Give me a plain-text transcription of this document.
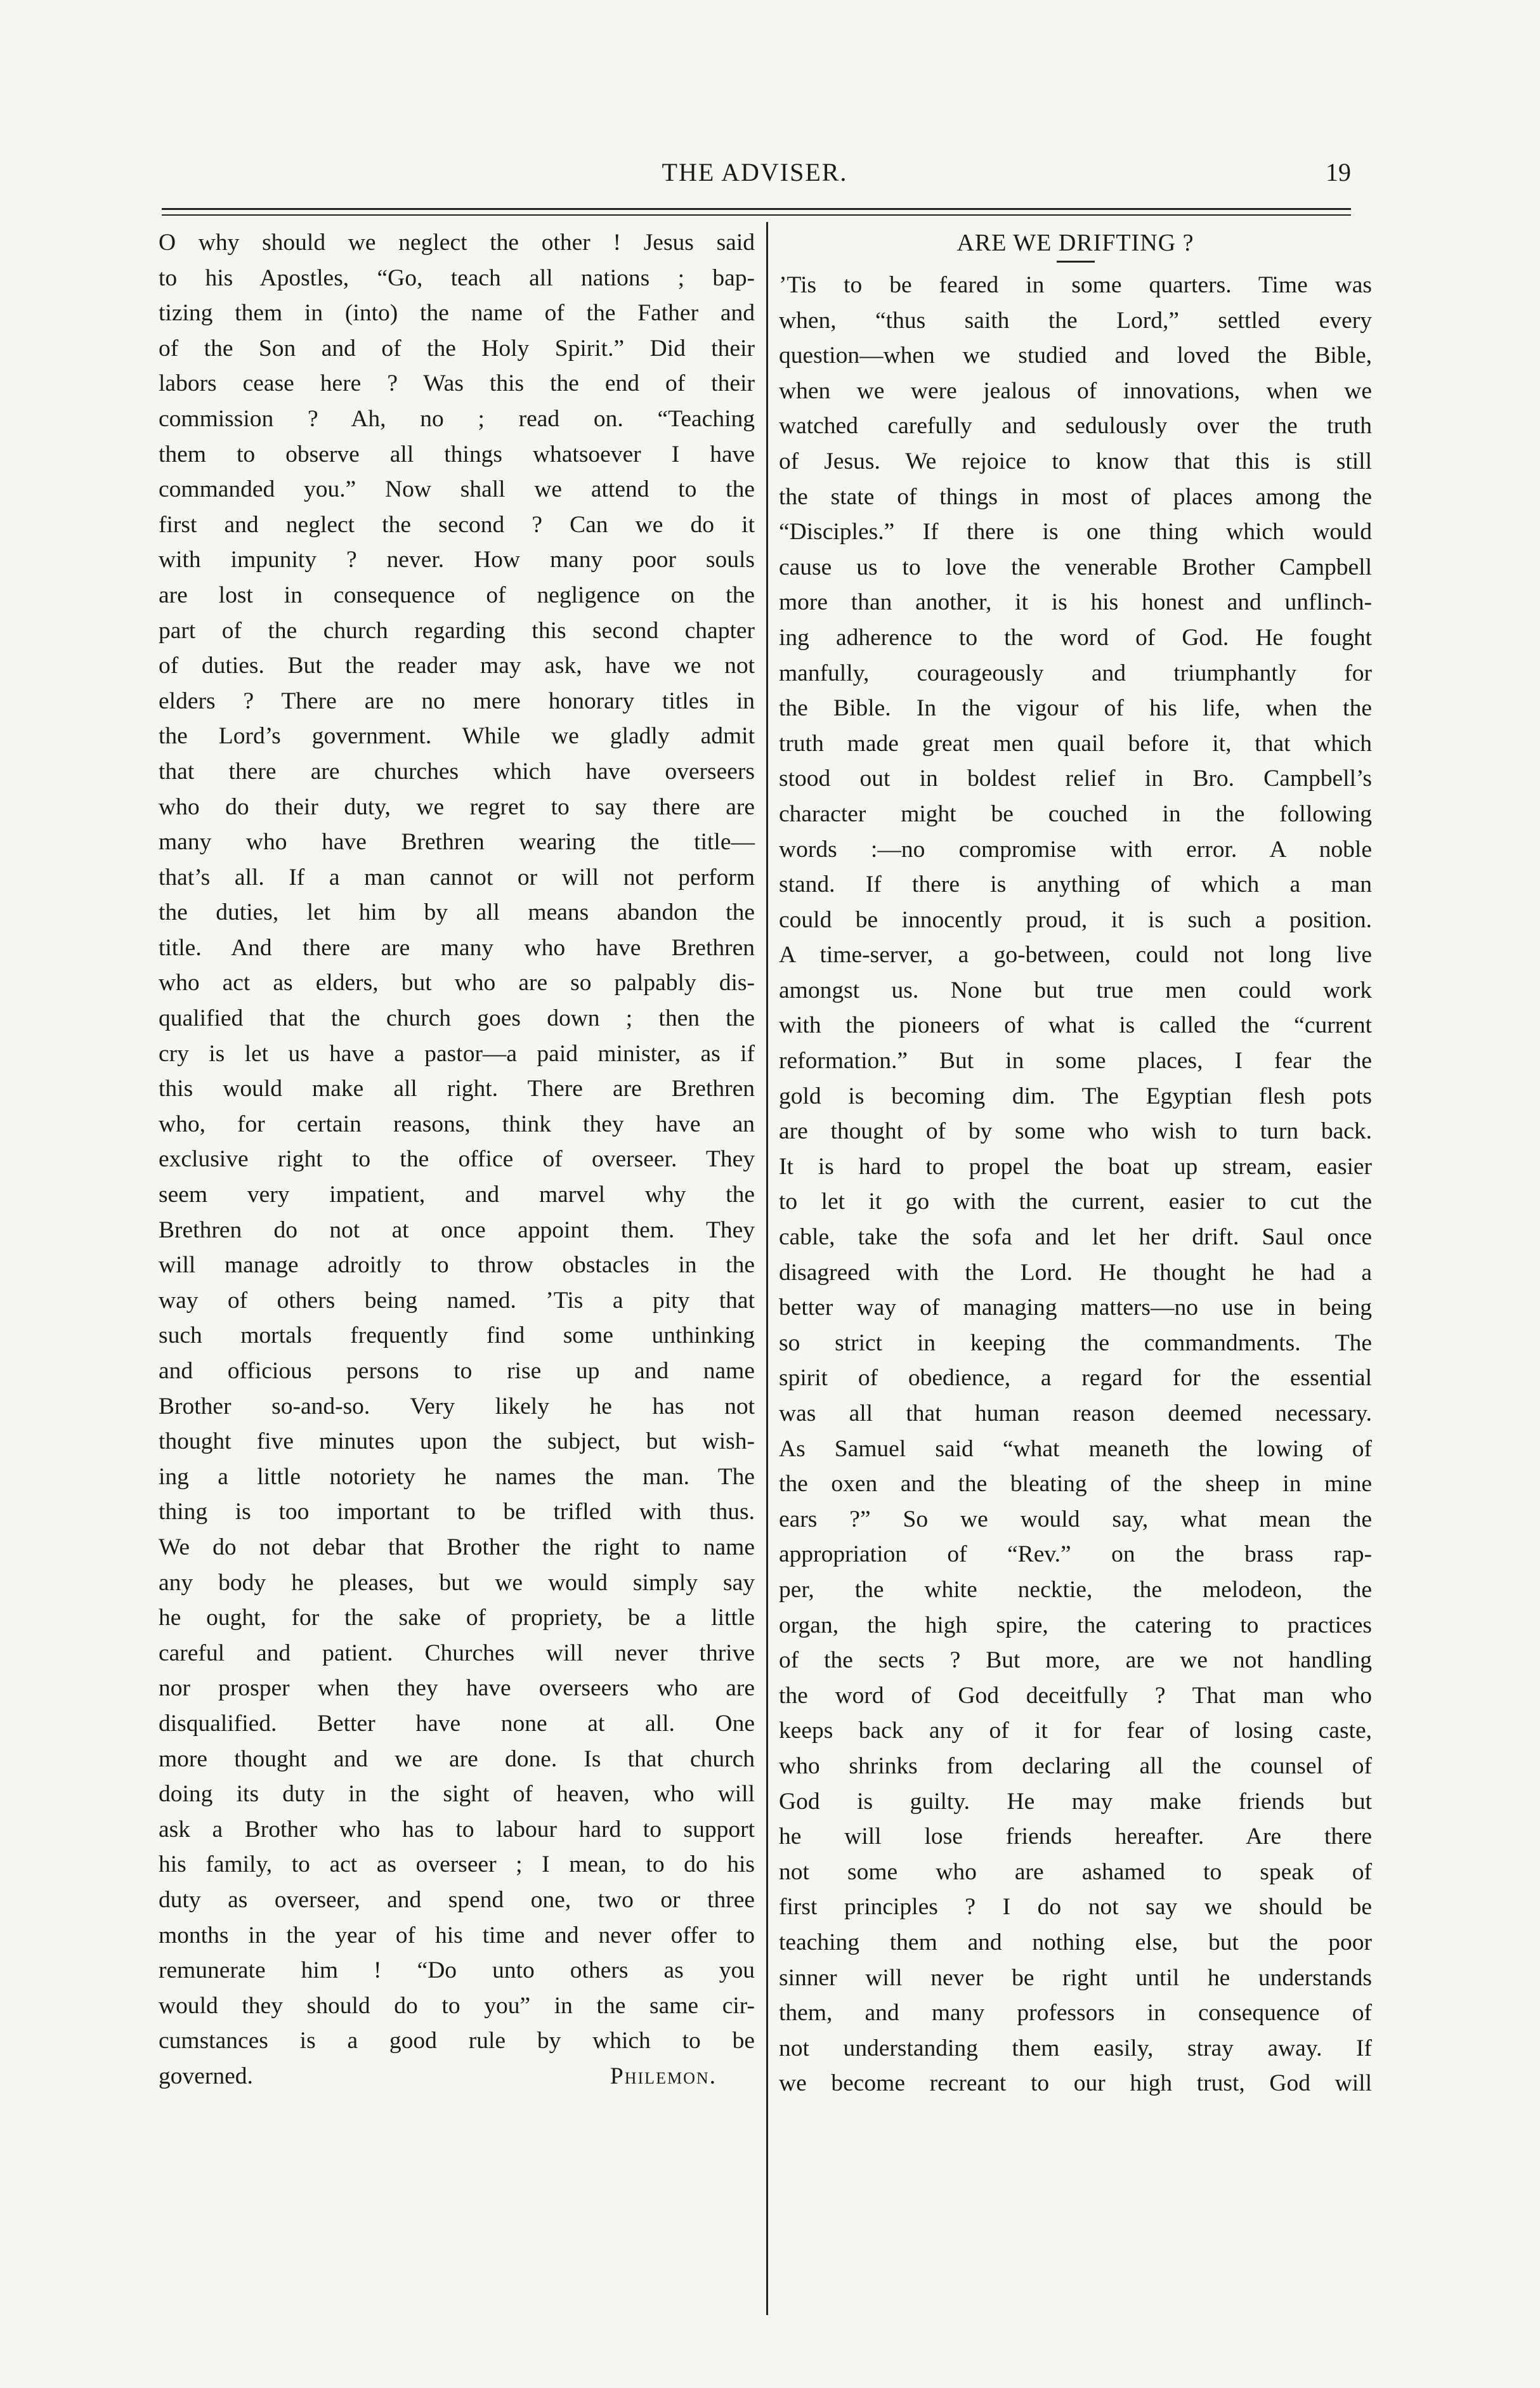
THE ADVISER.	19
O why should we neglect the other ! Jesus said
to his Apostles, “Go, teach all nations ; bap-
tizing them in (into) the name of the Father and
of the Son and of the Holy Spirit.” Did their
labors cease here ? Was this the end of their
commission ? Ah, no ; read on. “Teaching
them to observe all things whatsoever I have
commanded you.” Now shall we attend to the
first and neglect the second ? Can we do it
with impunity ? never. How many poor souls
are lost in consequence of negligence on the
part of the church regarding this second chapter
of duties. But the reader may ask, have we not
elders ? There are no mere honorary titles in
the Lord’s government. While we gladly admit
that there are churches which have overseers
who do their duty, we regret to say there are
many who have Brethren wearing the title—
that’s all. If a man cannot or will not perform
the duties, let him by all means abandon the
title. And there are many who have Brethren
who act as elders, but who are so palpably dis-
qualified that the church goes down ; then the
cry is let us have a pastor—a paid minister, as if
this would make all right. There are Brethren
who, for certain reasons, think they have an
exclusive right to the office of overseer. They
seem very impatient, and marvel why the
Brethren do not at once appoint them. They
will manage adroitly to throw obstacles in the
way of others being named. ’Tis a pity that
such mortals frequently find some unthinking
and officious persons to rise up and name
Brother so-and-so. Very likely he has not
thought five minutes upon the subject, but wish-
ing a little notoriety he names the man. The
thing is too important to be trifled with thus.
We do not debar that Brother the right to name
any body he pleases, but we would simply say
he ought, for the sake of propriety, be a little
careful and patient. Churches will never thrive
nor prosper when they have overseers who are
disqualified. Better have none at all. One
more thought and we are done. Is that church
doing its duty in the sight of heaven, who will
ask a Brother who has to labour hard to support
his family, to act as overseer ; I mean, to do his
duty as overseer, and spend one, two or three
months in the year of his time and never offer to
remunerate him ! “Do unto others as you
would they should do to you” in the same cir-
cumstances is a good rule by which to be
governed.	Philemon.
ARE WE DRIFTING ?
’Tis to be feared in some quarters. Time was
when, “thus saith the Lord,” settled every
question—when we studied and loved the Bible,
when we were jealous of innovations, when we
watched carefully and sedulously over the truth
of Jesus. We rejoice to know that this is still
the state of things in most of places among the
“Disciples.” If there is one thing which would
cause us to love the venerable Brother Campbell
more than another, it is his honest and unflinch-
ing adherence to the word of God. He fought
manfully, courageously and triumphantly for
the Bible. In the vigour of his life, when the
truth made great men quail before it, that which
stood out in boldest relief in Bro. Campbell’s
character might be couched in the following
words :—no compromise with error. A noble
stand. If there is anything of which a man
could be innocently proud, it is such a position.
A time-server, a go-between, could not long live
amongst us. None but true men could work
with the pioneers of what is called the “current
reformation.” But in some places, I fear the
gold is becoming dim. The Egyptian flesh pots
are thought of by some who wish to turn back.
It is hard to propel the boat up stream, easier
to let it go with the current, easier to cut the
cable, take the sofa and let her drift. Saul once
disagreed with the Lord. He thought he had a
better way of managing matters—no use in being
so strict in keeping the commandments. The
spirit of obedience, a regard for the essential
was all that human reason deemed necessary.
As Samuel said “what meaneth the lowing of
the oxen and the bleating of the sheep in mine
ears ?” So we would say, what mean the
appropriation of “Rev.” on the brass rap-
per, the white necktie, the melodeon, the
organ, the high spire, the catering to practices
of the sects ? But more, are we not handling
the word of God deceitfully ? That man who
keeps back any of it for fear of losing caste,
who shrinks from declaring all the counsel of
God is guilty. He may make friends but
he will lose friends hereafter. Are there
not some who are ashamed to speak of
first principles ? I do not say we should be
teaching them and nothing else, but the poor
sinner will never be right until he understands
them, and many professors in consequence of
not understanding them easily, stray away. If
we become recreant to our high trust, God will
